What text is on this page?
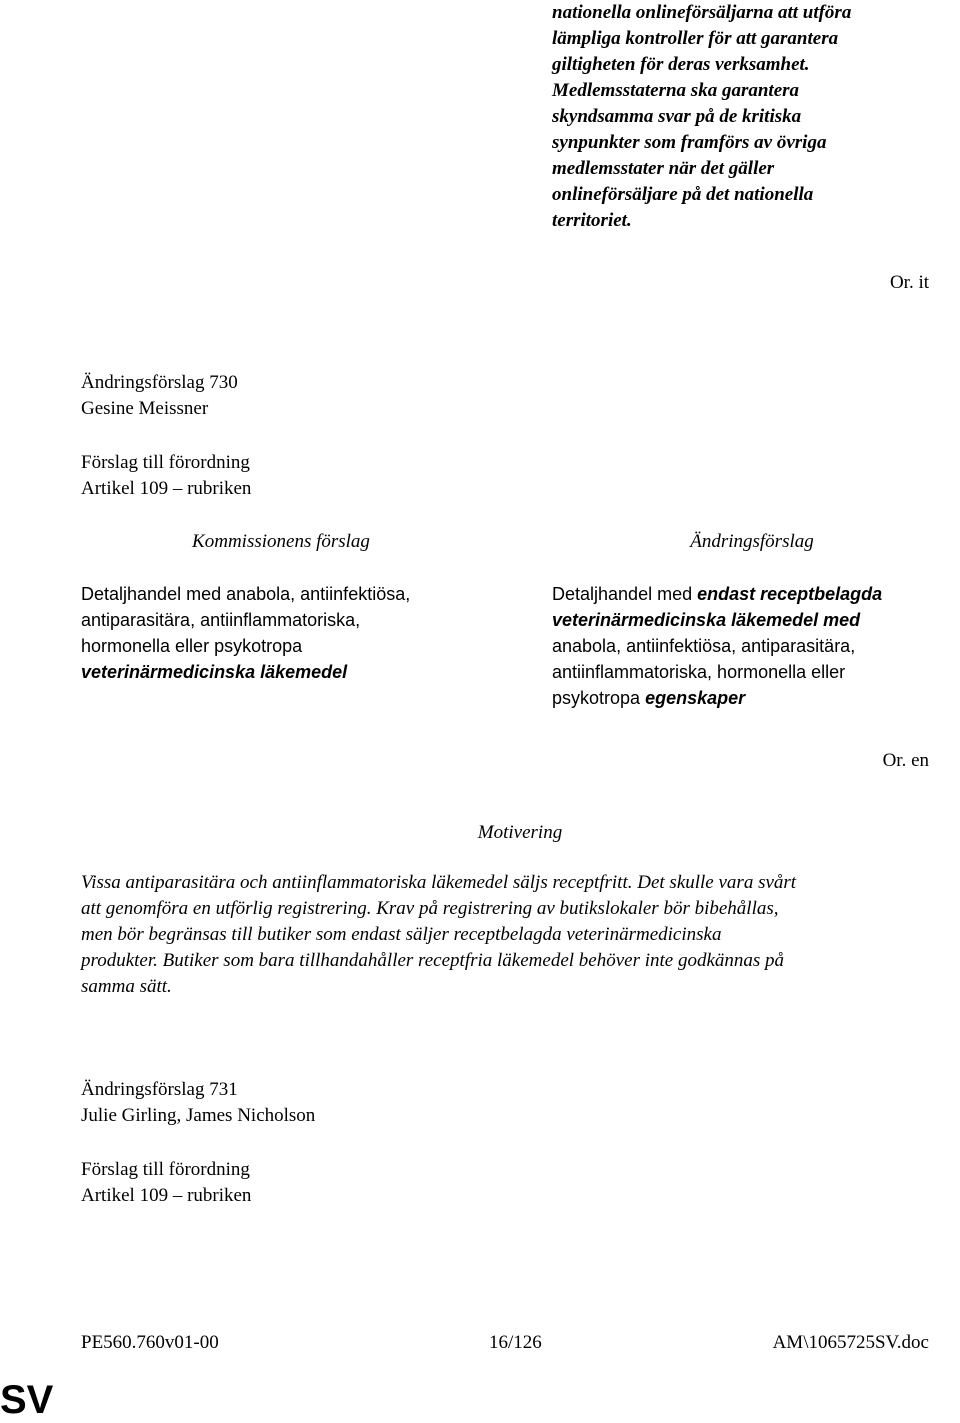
nationella onlineförsäljarna att utföra

lämpliga kontroller för att garantera

giltigheten för deras verksamhet.

Medlemsstaterna ska garantera

skyndsamma svar på de kritiska

synpunkter som framförs av övriga

medlemsstater när det gäller

onlineförsäljare på det nationella

territoriet.

Or. it

Ändringsförslag 730

Gesine Meissner

Förslag till förordning

Artikel 109 – rubriken

Kommissionens förslag

Detaljhandel med anabola, antiinfektiösa,

antiparasitära, antiinflammatoriska,

hormonella eller psykotropa

veterinärmedicinska läkemedel

Ändringsförslag

Detaljhandel med endast receptbelagda

veterinärmedicinska läkemedel med

anabola, antiinfektiösa, antiparasitära,

antiinflammatoriska, hormonella eller

psykotropa egenskaper

Or. en
Motivering

Vissa antiparasitära och antiinflammatoriska läkemedel säljs receptfritt. Det skulle vara svårt

att genomföra en utförlig registrering. Krav på registrering av butikslokaler bör bibehållas,

men bör begränsas till butiker som endast säljer receptbelagda veterinärmedicinska

produkter. Butiker som bara tillhandahåller receptfria läkemedel behöver inte godkännas på

samma sätt.

Ändringsförslag 731

Julie Girling, James Nicholson

Förslag till förordning

Artikel 109 – rubriken

PE560.760v01-00	16/126	AM\1065725SV.doc
SV
